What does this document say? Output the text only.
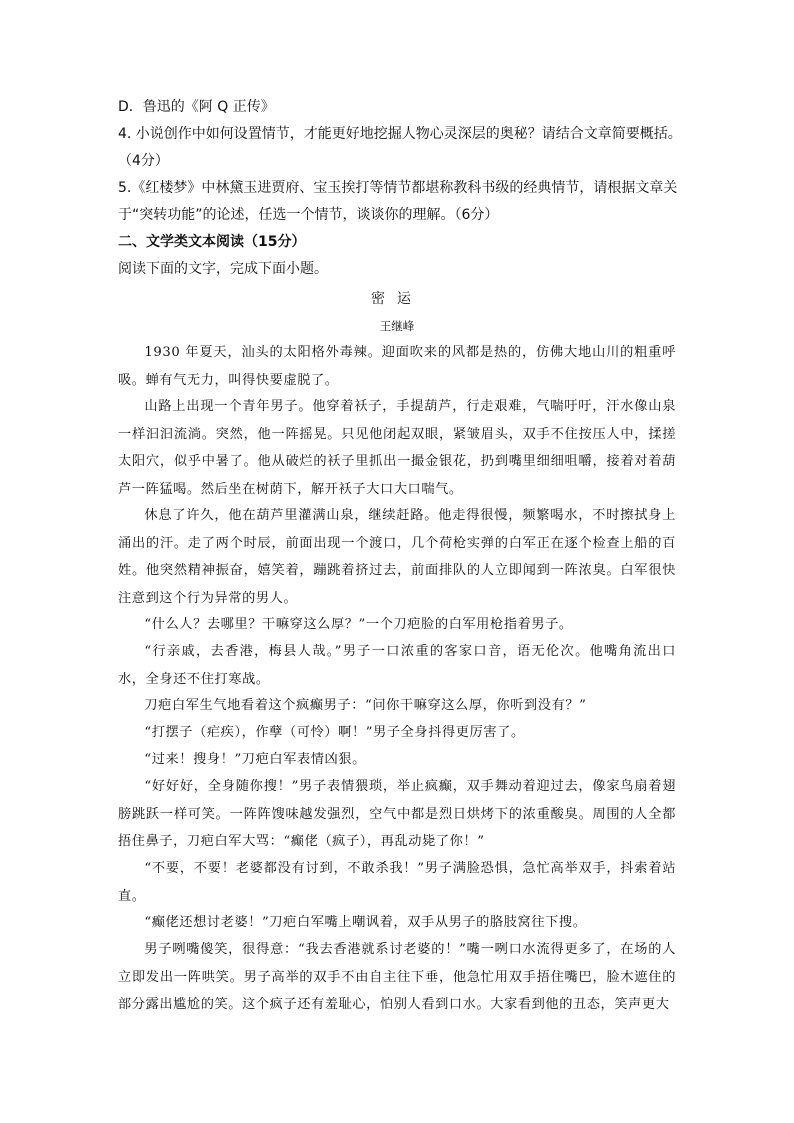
D．鲁迅的《阿 Q 正传》
4. 小说创作中如何设置情节，才能更好地挖掘人物心灵深层的奥秘？请结合文章简要概括。
（4分）
5.《红楼梦》中林黛玉进贾府、宝玉挨打等情节都堪称教科书级的经典情节，请根据文章关
于“突转功能”的论述，任选一个情节，谈谈你的理解。（6分）
二、文学类文本阅读（15分）
阅读下面的文字，完成下面小题。
密运
王继峰
1930 年夏天，汕头的太阳格外毒辣。迎面吹来的风都是热的，仿佛大地山川的粗重呼吸。蝉有气无力，叫得快要虚脱了。
山路上出现一个青年男子。他穿着袄子，手提葫芦，行走艰难，气喘吁吁，汗水像山泉一样汩汩流淌。突然，他一阵摇晃。只见他闭起双眼，紧皱眉头，双手不住按压人中，揉搓太阳穴，似乎中暑了。他从破烂的袄子里抓出一撮金银花，扔到嘴里细细咀嚼，接着对着葫芦一阵猛喝。然后坐在树荫下，解开袄子大口大口喘气。
休息了许久，他在葫芦里灌满山泉，继续赶路。他走得很慢，频繁喝水，不时擦拭身上涌出的汗。走了两个时辰，前面出现一个渡口，几个荷枪实弹的白军正在逐个检查上船的百姓。他突然精神振奋，嬉笑着，蹦跳着挤过去，前面排队的人立即闻到一阵浓臭。白军很快注意到这个行为异常的男人。
“什么人？去哪里？干嘛穿这么厚？”一个刀疤脸的白军用枪指着男子。
“行亲戚，去香港，梅县人哉。”男子一口浓重的客家口音，语无伦次。他嘴角流出口水，全身还不住打寒战。
刀疤白军生气地看着这个疯癫男子：“问你干嘛穿这么厚，你听到没有？”
“打摆子（疟疾），作孽（可怜）啊！”男子全身抖得更厉害了。
“过来！搜身！”刀疤白军表情凶狠。
“好好好，全身随你搜！”男子表情猥琐，举止疯癫，双手舞动着迎过去，像家鸟扇着翅膀跳跃一样可笑。一阵阵馊味越发强烈，空气中都是烈日烘烤下的浓重酸臭。周围的人全都捂住鼻子，刀疤白军大骂：“癫佬（疯子），再乱动毙了你！”
“不要，不要！老婆都没有讨到，不敢杀我！”男子满脸恐惧，急忙高举双手，抖索着站直。
“癫佬还想讨老婆！”刀疤白军嘴上嘲讽着，双手从男子的胳肢窝往下搜。
男子咧嘴傻笑，很得意：“我去香港就系讨老婆的！”嘴一咧口水流得更多了，在场的人立即发出一阵哄笑。男子高举的双手不由自主往下垂，他急忙用双手捂住嘴巴，脸木遮住的部分露出尴尬的笑。这个疯子还有羞耻心，怕别人看到口水。大家看到他的丑态，笑声更大
